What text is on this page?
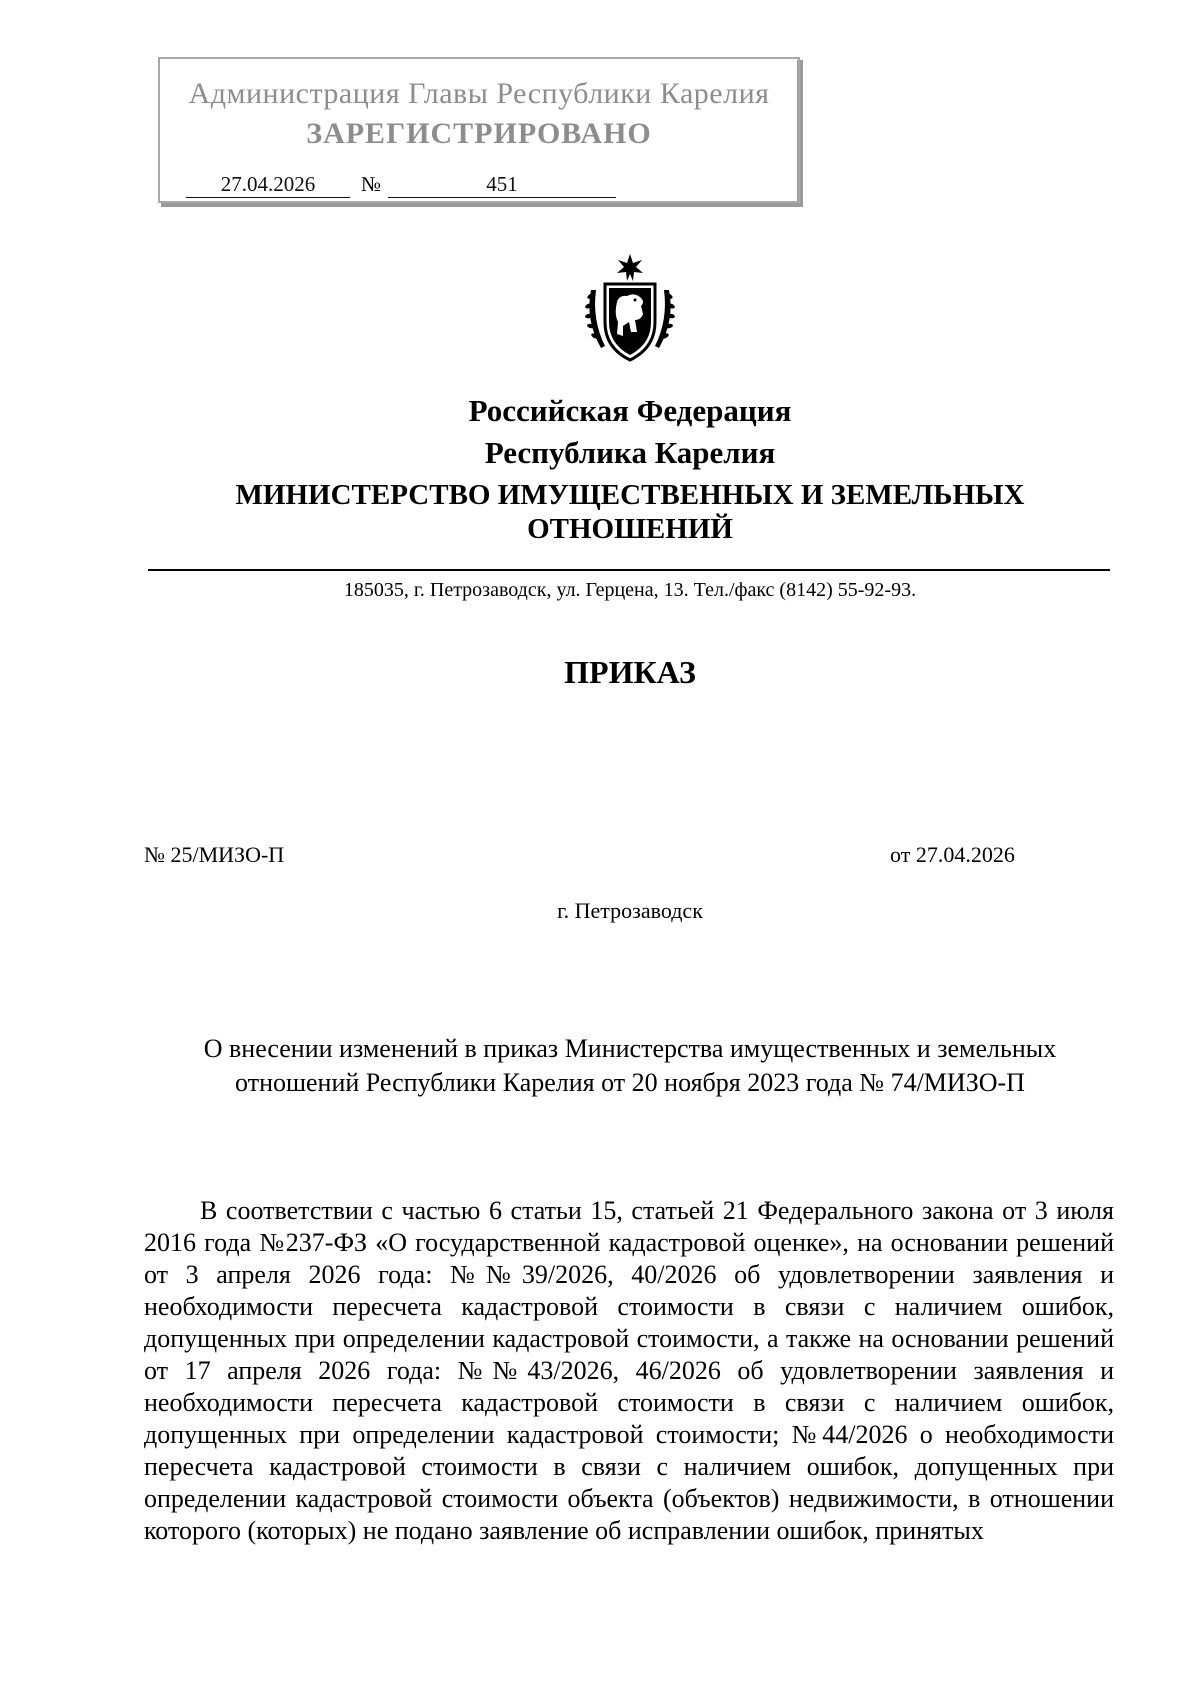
Администрация Главы Республики Карелия
ЗАРЕГИСТРИРОВАНО
27.04.2026	№	451
Российская Федерация
Республика Карелия
МИНИСТЕРСТВО ИМУЩЕСТВЕННЫХ И ЗЕМЕЛЬНЫХ
ОТНОШЕНИЙ
185035, г. Петрозаводск, ул. Герцена, 13. Тел./факс (8142) 55-92-93.
ПРИКАЗ
№ 25/МИЗО-П	от 27.04.2026
г. Петрозаводск
О внесении изменений в приказ Министерства имущественных и земельных
отношений Республики Карелия от 20 ноября 2023 года № 74/МИЗО-П
В соответствии с частью 6 статьи 15, статьей 21 Федерального закона от 3 июля 2016 года №237-ФЗ «О государственной кадастровой оценке», на основании решений от 3 апреля 2026 года: №№39/2026, 40/2026 об удовлетворении заявления и необходимости пересчета кадастровой стоимости в связи с наличием ошибок, допущенных при определении кадастровой стоимости, а также на основании решений от 17 апреля 2026 года: №№43/2026, 46/2026 об удовлетворении заявления и необходимости пересчета кадастровой стоимости в связи с наличием ошибок, допущенных при определении кадастровой стоимости; №44/2026 о необходимости пересчета кадастровой стоимости в связи с наличием ошибок, допущенных при определении кадастровой стоимости объекта (объектов) недвижимости, в отношении которого (которых) не подано заявление об исправлении ошибок, принятых
